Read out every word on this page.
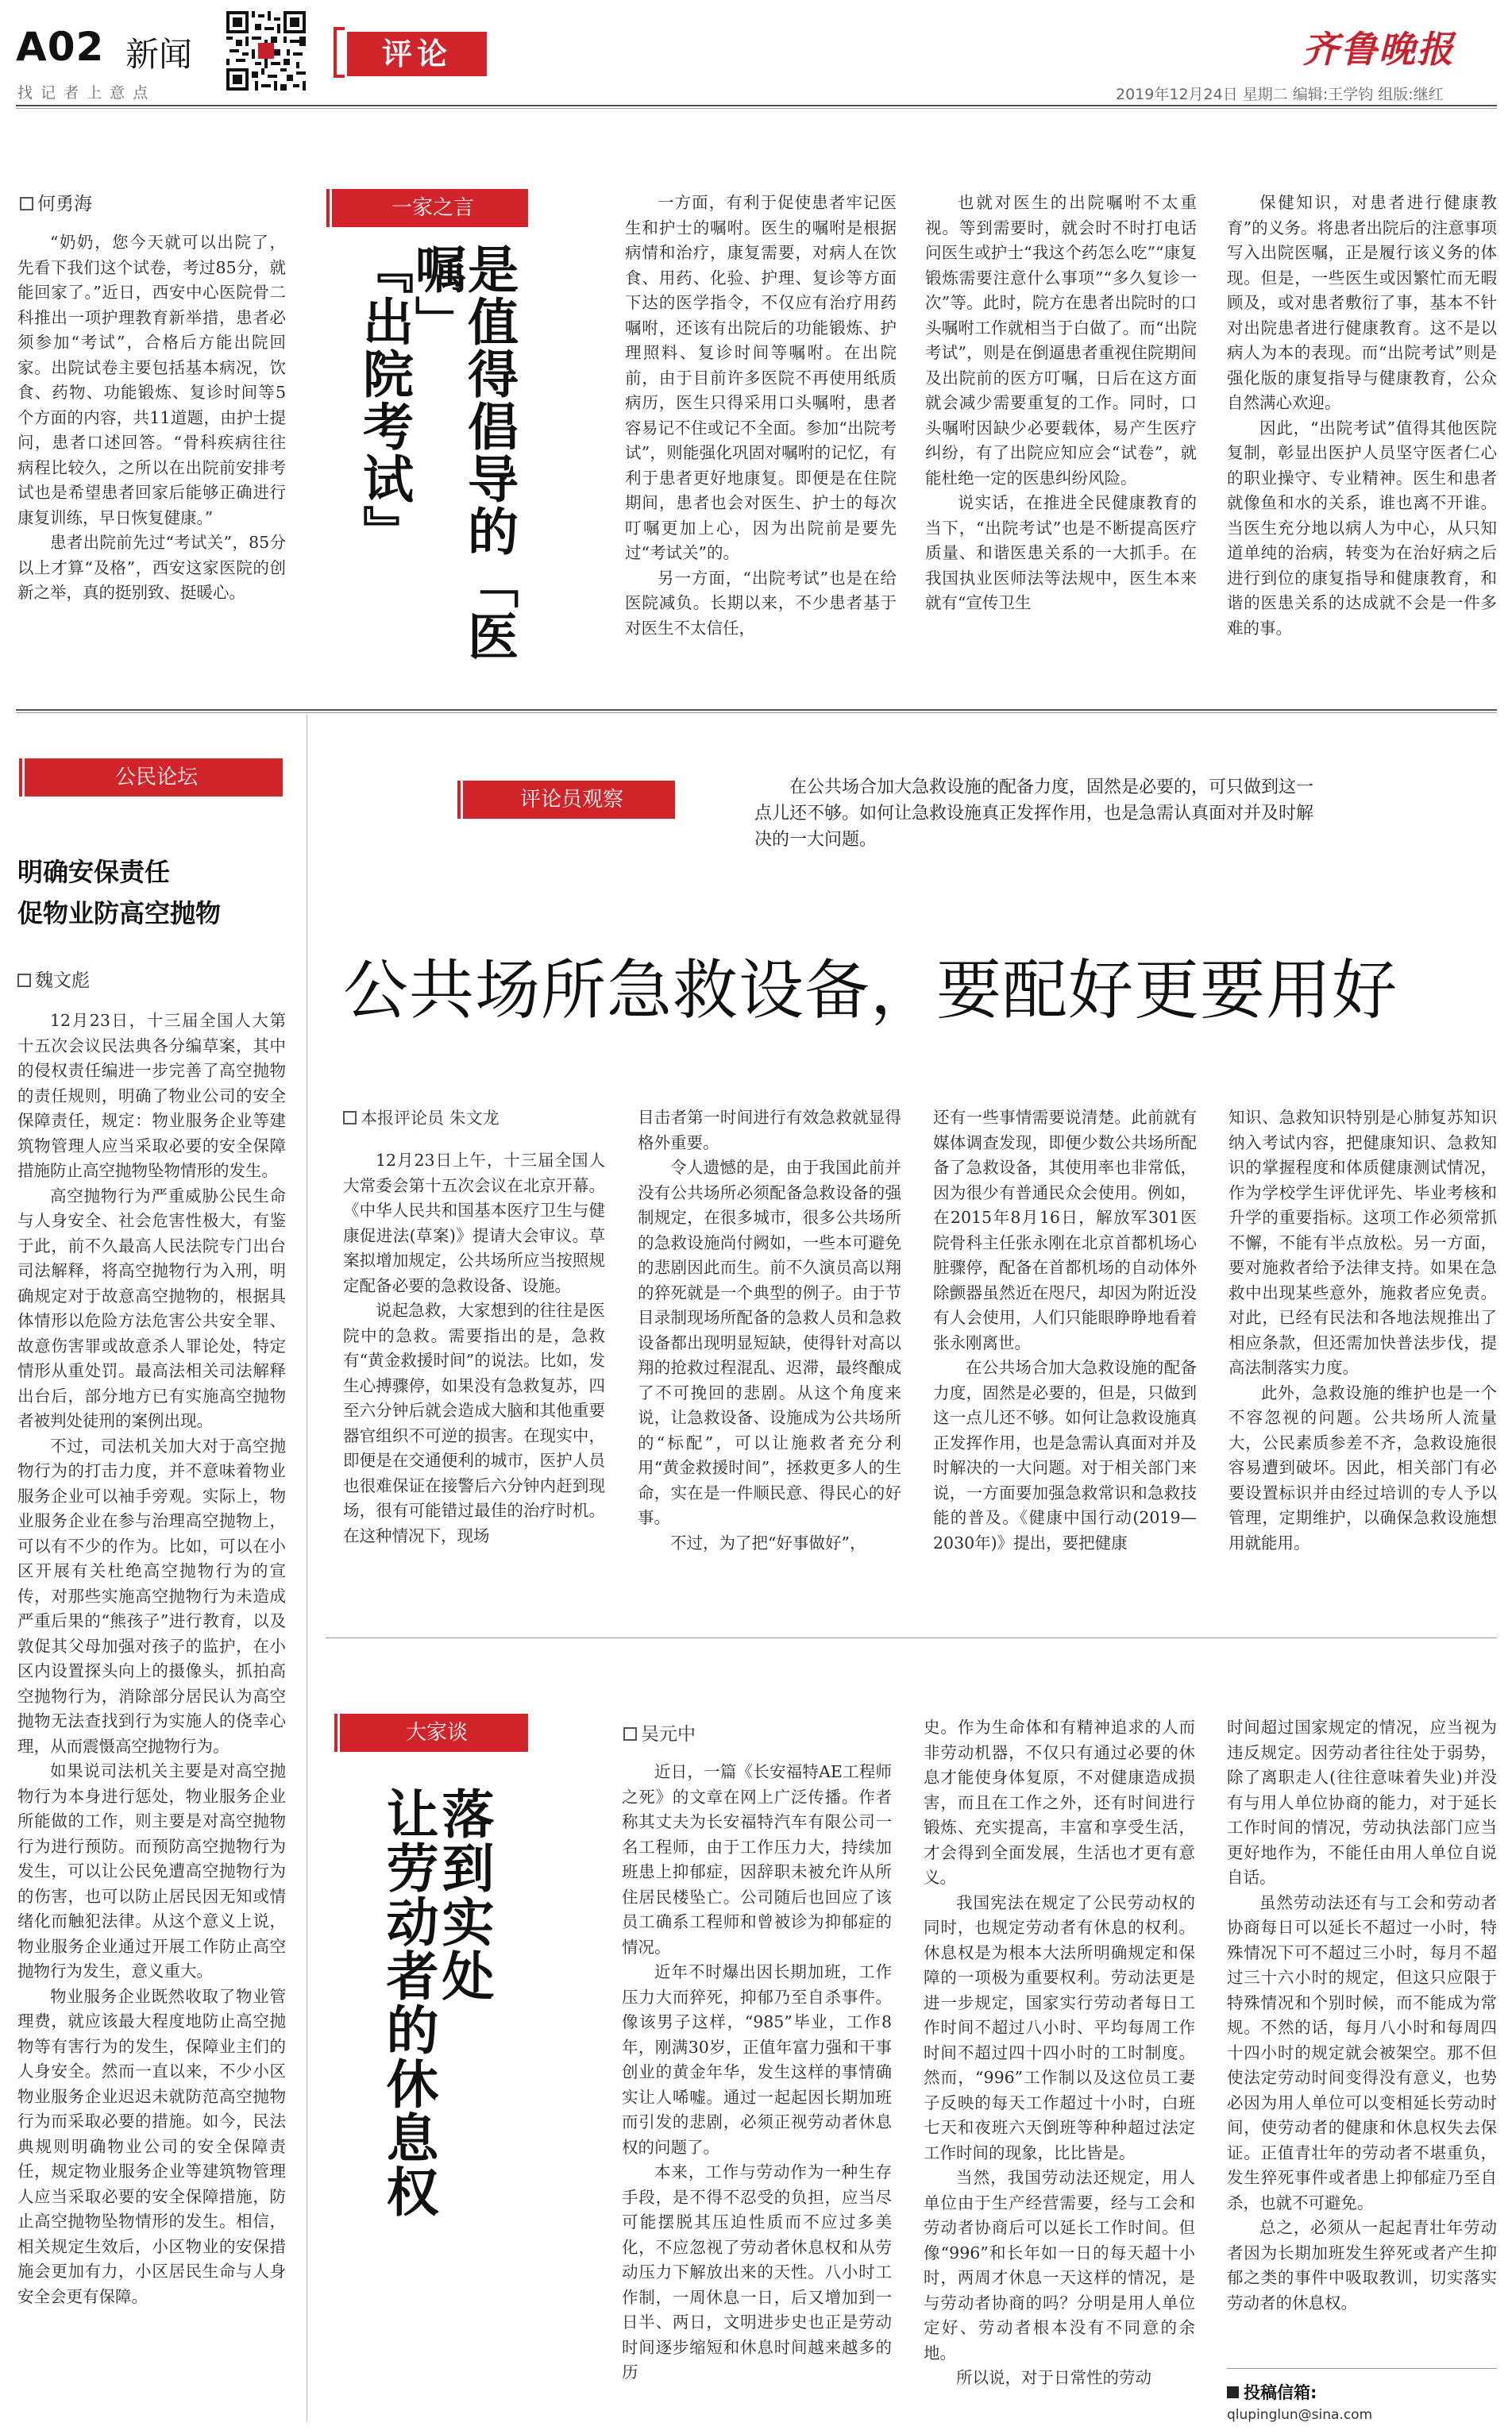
A02 新闻
找 记 者 上 意 点
评论	齐鲁晚报
2019年12月24日 星期二 编辑:王学钧 组版:继红
何勇海

“奶奶，您今天就可以出院了，先看下我们这个试卷，考过85分，就能回家了。”近日，西安中心医院骨二科推出一项护理教育新举措，患者必须参加“考试”，合格后方能出院回家。出院试卷主要包括基本病况，饮食、药物、功能锻炼、复诊时间等5个方面的内容，共11道题，由护士提问，患者口述回答。“骨科疾病往往病程比较久，之所以在出院前安排考试也是希望患者回家后能够正确进行康复训练，早日恢复健康。”

患者出院前先过“考试关”，85分以上才算“及格”，西安这家医院的创新之举，真的挺别致、挺暖心。

一家之言
是值得倡导的「医嘱」
『出院考试』

一方面，有利于促使患者牢记医生和护士的嘱咐。医生的嘱咐是根据病情和治疗，康复需要，对病人在饮食、用药、化验、护理、复诊等方面下达的医学指令，不仅应有治疗用药嘱咐，还该有出院后的功能锻炼、护理照料、复诊时间等嘱咐。在出院前，由于目前许多医院不再使用纸质病历，医生只得采用口头嘱咐，患者容易记不住或记不全面。参加“出院考试”，则能强化巩固对嘱咐的记忆，有利于患者更好地康复。即便是在住院期间，患者也会对医生、护士的每次叮嘱更加上心，因为出院前是要先过“考试关”的。

另一方面，“出院考试”也是在给医院减负。长期以来，不少患者基于对医生不太信任，

也就对医生的出院嘱咐不太重视。等到需要时，就会时不时打电话问医生或护士“我这个药怎么吃”“康复锻炼需要注意什么事项”“多久复诊一次”等。此时，院方在患者出院时的口头嘱咐工作就相当于白做了。而“出院考试”，则是在倒逼患者重视住院期间及出院前的医方叮嘱，日后在这方面就会减少需要重复的工作。同时，口头嘱咐因缺少必要载体，易产生医疗纠纷，有了出院应知应会“试卷”，就能杜绝一定的医患纠纷风险。

说实话，在推进全民健康教育的当下，“出院考试”也是不断提高医疗质量、和谐医患关系的一大抓手。在我国执业医师法等法规中，医生本来就有“宣传卫生

保健知识，对患者进行健康教育”的义务。将患者出院后的注意事项写入出院医嘱，正是履行该义务的体现。但是，一些医生或因繁忙而无暇顾及，或对患者敷衍了事，基本不针对出院患者进行健康教育。这不是以病人为本的表现。而“出院考试”则是强化版的康复指导与健康教育，公众自然满心欢迎。

因此，“出院考试”值得其他医院复制，彰显出医护人员坚守医者仁心的职业操守、专业精神。医生和患者就像鱼和水的关系，谁也离不开谁。当医生充分地以病人为中心，从只知道单纯的治病，转变为在治好病之后进行到位的康复指导和健康教育，和谐的医患关系的达成就不会是一件多难的事。

公民论坛
明确安保责任
促物业防高空抛物
魏文彪

12月23日，十三届全国人大第十五次会议民法典各分编草案，其中的侵权责任编进一步完善了高空抛物的责任规则，明确了物业公司的安全保障责任，规定：物业服务企业等建筑物管理人应当采取必要的安全保障措施防止高空抛物坠物情形的发生。

高空抛物行为严重威胁公民生命与人身安全、社会危害性极大，有鉴于此，前不久最高人民法院专门出台司法解释，将高空抛物行为入刑，明确规定对于故意高空抛物的，根据具体情形以危险方法危害公共安全罪、故意伤害罪或故意杀人罪论处，特定情形从重处罚。最高法相关司法解释出台后，部分地方已有实施高空抛物者被判处徒刑的案例出现。

不过，司法机关加大对于高空抛物行为的打击力度，并不意味着物业服务企业可以袖手旁观。实际上，物业服务企业在参与治理高空抛物上，可以有不少的作为。比如，可以在小区开展有关杜绝高空抛物行为的宣传，对那些实施高空抛物行为未造成严重后果的“熊孩子”进行教育，以及敦促其父母加强对孩子的监护，在小区内设置探头向上的摄像头，抓拍高空抛物行为，消除部分居民认为高空抛物无法查找到行为实施人的侥幸心理，从而震慑高空抛物行为。

如果说司法机关主要是对高空抛物行为本身进行惩处，物业服务企业所能做的工作，则主要是对高空抛物行为进行预防。而预防高空抛物行为发生，可以让公民免遭高空抛物行为的伤害，也可以防止居民因无知或情绪化而触犯法律。从这个意义上说，物业服务企业通过开展工作防止高空抛物行为发生，意义重大。

物业服务企业既然收取了物业管理费，就应该最大程度地防止高空抛物等有害行为的发生，保障业主们的人身安全。然而一直以来，不少小区物业服务企业迟迟未就防范高空抛物行为而采取必要的措施。如今，民法典规则明确物业公司的安全保障责任，规定物业服务企业等建筑物管理人应当采取必要的安全保障措施，防止高空抛物坠物情形的发生。相信，相关规定生效后，小区物业的安保措施会更加有力，小区居民生命与人身安全会更有保障。

评论员观察
在公共场合加大急救设施的配备力度，固然是必要的，可只做到这一点儿还不够。如何让急救设施真正发挥作用，也是急需认真面对并及时解决的一大问题。
公共场所急救设备，要配好更要用好
本报评论员 朱文龙

12月23日上午，十三届全国人大常委会第十五次会议在北京开幕。《中华人民共和国基本医疗卫生与健康促进法(草案)》提请大会审议。草案拟增加规定，公共场所应当按照规定配备必要的急救设备、设施。

说起急救，大家想到的往往是医院中的急救。需要指出的是，急救有“黄金救援时间”的说法。比如，发生心搏骤停，如果没有急救复苏，四至六分钟后就会造成大脑和其他重要器官组织不可逆的损害。在现实中，即便是在交通便利的城市，医护人员也很难保证在接警后六分钟内赶到现场，很有可能错过最佳的治疗时机。在这种情况下，现场

目击者第一时间进行有效急救就显得格外重要。

令人遗憾的是，由于我国此前并没有公共场所必须配备急救设备的强制规定，在很多城市，很多公共场所的急救设施尚付阙如，一些本可避免的悲剧因此而生。前不久演员高以翔的猝死就是一个典型的例子。由于节目录制现场所配备的急救人员和急救设备都出现明显短缺，使得针对高以翔的抢救过程混乱、迟滞，最终酿成了不可挽回的悲剧。从这个角度来说，让急救设备、设施成为公共场所的“标配”，可以让施救者充分利用“黄金救援时间”，拯救更多人的生命，实在是一件顺民意、得民心的好事。

不过，为了把“好事做好”，

还有一些事情需要说清楚。此前就有媒体调查发现，即便少数公共场所配备了急救设备，其使用率也非常低，因为很少有普通民众会使用。例如，在2015年8月16日，解放军301医院骨科主任张永刚在北京首都机场心脏骤停，配备在首都机场的自动体外除颤器虽然近在咫尺，却因为附近没有人会使用，人们只能眼睁睁地看着张永刚离世。

在公共场合加大急救设施的配备力度，固然是必要的，但是，只做到这一点儿还不够。如何让急救设施真正发挥作用，也是急需认真面对并及时解决的一大问题。对于相关部门来说，一方面要加强急救常识和急救技能的普及。《健康中国行动(2019—2030年)》提出，要把健康

知识、急救知识特别是心肺复苏知识纳入考试内容，把健康知识、急救知识的掌握程度和体质健康测试情况，作为学校学生评优评先、毕业考核和升学的重要指标。这项工作必须常抓不懈，不能有半点放松。另一方面，要对施救者给予法律支持。如果在急救中出现某些意外，施救者应免责。对此，已经有民法和各地法规推出了相应条款，但还需加快普法步伐，提高法制落实力度。

此外，急救设施的维护也是一个不容忽视的问题。公共场所人流量大，公民素质参差不齐，急救设施很容易遭到破坏。因此，相关部门有必要设置标识并由经过培训的专人予以管理，定期维护，以确保急救设施想用就能用。

大家谈
落到实处
让劳动者的休息权
吴元中

近日，一篇《长安福特AE工程师之死》的文章在网上广泛传播。作者称其丈夫为长安福特汽车有限公司一名工程师，由于工作压力大，持续加班患上抑郁症，因辞职未被允许从所住居民楼坠亡。公司随后也回应了该员工确系工程师和曾被诊为抑郁症的情况。

近年不时爆出因长期加班，工作压力大而猝死，抑郁乃至自杀事件。像该男子这样，“985”毕业，工作8年，刚满30岁，正值年富力强和干事创业的黄金年华，发生这样的事情确实让人唏嘘。通过一起起因长期加班而引发的悲剧，必须正视劳动者休息权的问题了。

本来，工作与劳动作为一种生存手段，是不得不忍受的负担，应当尽可能摆脱其压迫性质而不应过多美化，不应忽视了劳动者休息权和从劳动压力下解放出来的天性。八小时工作制，一周休息一日，后又增加到一日半、两日，文明进步史也正是劳动时间逐步缩短和休息时间越来越多的历

史。作为生命体和有精神追求的人而非劳动机器，不仅只有通过必要的休息才能使身体复原，不对健康造成损害，而且在工作之外，还有时间进行锻炼、充实提高，丰富和享受生活，才会得到全面发展，生活也才更有意义。

我国宪法在规定了公民劳动权的同时，也规定劳动者有休息的权利。休息权是为根本大法所明确规定和保障的一项极为重要权利。劳动法更是进一步规定，国家实行劳动者每日工作时间不超过八小时、平均每周工作时间不超过四十四小时的工时制度。然而，“996”工作制以及这位员工妻子反映的每天工作超过十小时，白班七天和夜班六天倒班等种种超过法定工作时间的现象，比比皆是。

当然，我国劳动法还规定，用人单位由于生产经营需要，经与工会和劳动者协商后可以延长工作时间。但像“996”和长年如一日的每天超十小时，两周才休息一天这样的情况，是与劳动者协商的吗？分明是用人单位定好、劳动者根本没有不同意的余地。

所以说，对于日常性的劳动

时间超过国家规定的情况，应当视为违反规定。因劳动者往往处于弱势，除了离职走人(往往意味着失业)并没有与用人单位协商的能力，对于延长工作时间的情况，劳动执法部门应当更好地作为，不能任由用人单位自说自话。

虽然劳动法还有与工会和劳动者协商每日可以延长不超过一小时，特殊情况下可不超过三小时，每月不超过三十六小时的规定，但这只应限于特殊情况和个别时候，而不能成为常规。不然的话，每月八小时和每周四十四小时的规定就会被架空。那不但使法定劳动时间变得没有意义，也势必因为用人单位可以变相延长劳动时间，使劳动者的健康和休息权失去保证。正值青壮年的劳动者不堪重负，发生猝死事件或者患上抑郁症乃至自杀，也就不可避免。

总之，必须从一起起青壮年劳动者因为长期加班发生猝死或者产生抑郁之类的事件中吸取教训，切实落实劳动者的休息权。

投稿信箱:
qlupinglun@sina.com
